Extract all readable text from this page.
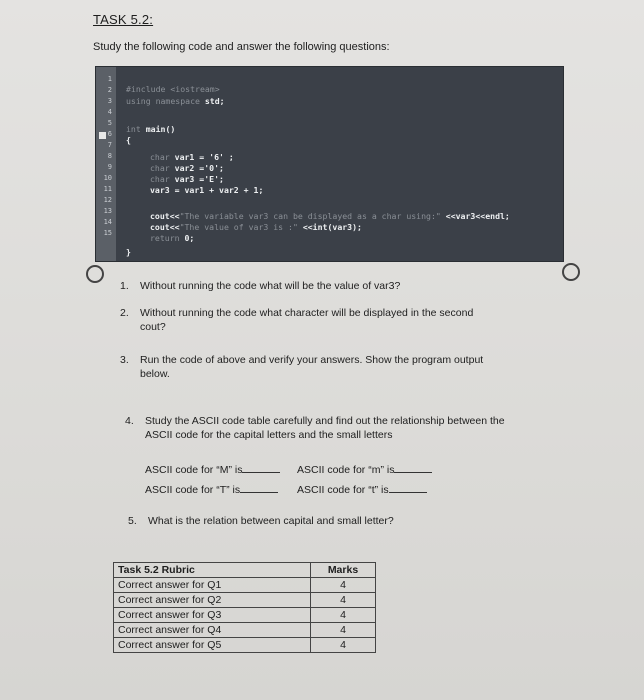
TASK 5.2:
Study the following code and answer the following questions:
1
2
3
4
5
6
7
8
9
10
11
12
13
14
15
#include <iostream>
using namespace std;
int main()
{
char var1 = '6' ;
char var2 ='0';
char var3 ='E';
var3 = var1 + var2 + 1;
cout<<"The variable var3 can be displayed as a char using:" <<var3<<endl;
cout<<"The value of var3 is :" <<int(var3);
return 0;
}
1. Without running the code what will be the value of var3?
2. Without running the code what character will be displayed in the second
cout?
3. Run the code of above and verify your answers. Show the program output
below.
4. Study the ASCII code table carefully and find out the relationship between the
ASCII code for the capital letters and the small letters
ASCII code for “M” is	ASCII code for “m” is
ASCII code for “T” is	ASCII code for “t” is
5. What is the relation between capital and small letter?
Task 5.2 Rubric	Marks
Correct answer for Q1	4
Correct answer for Q2	4
Correct answer for Q3	4
Correct answer for Q4	4
Correct answer for Q5	4
